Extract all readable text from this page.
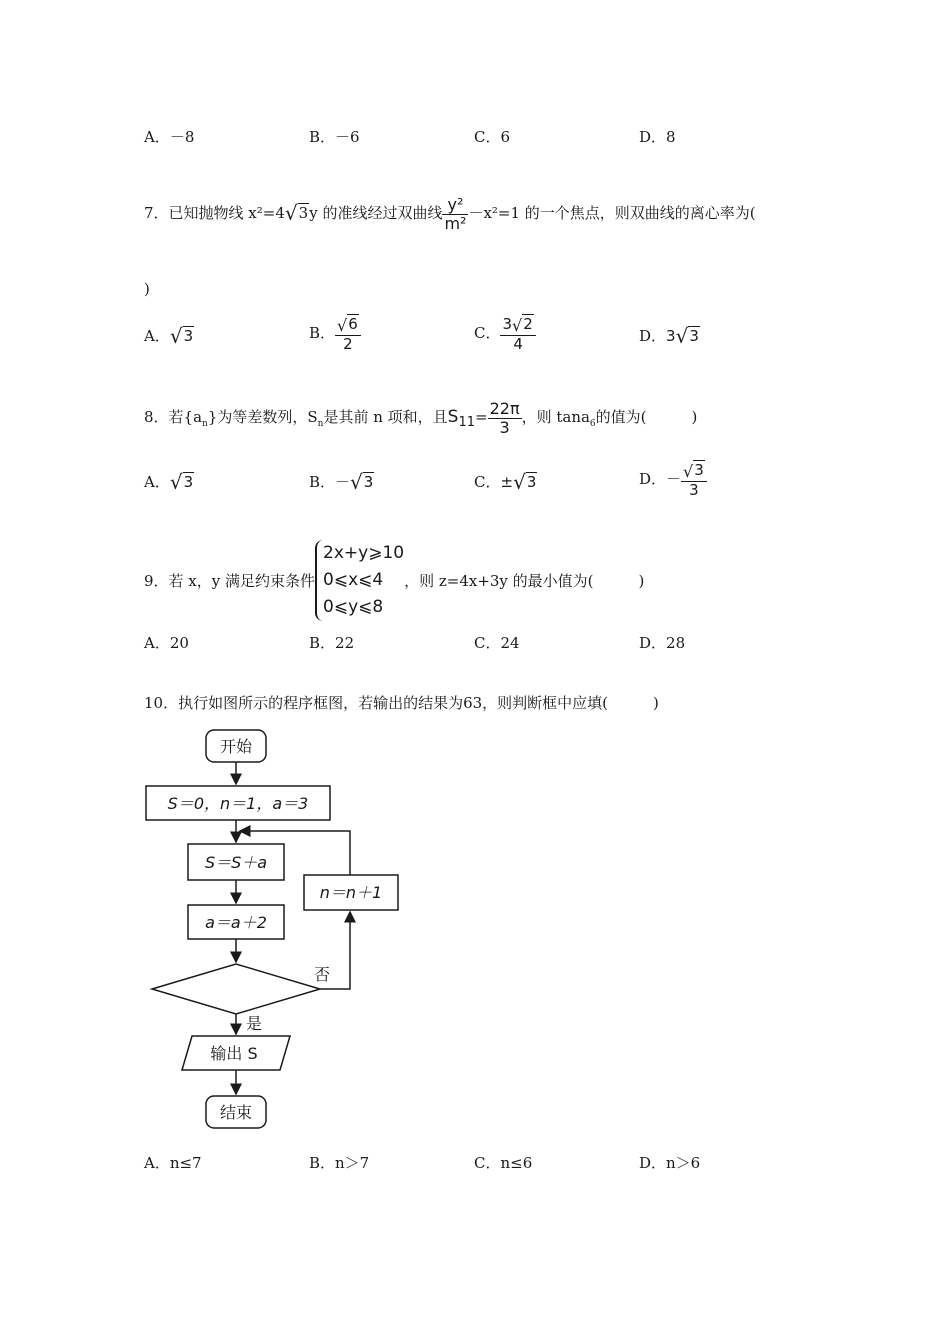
A．－8	B．－6	C．6	D．8
7．已知抛物线 x²=4√3y 的准线经过双曲线 $\frac{\text{y²}}{\text{m²}} -x^2=1$ 的一个焦点，则双曲线的离心率为(
)
A．√3	B． $\frac{√6}{2}$	C． $\frac{3√2}{4}$	D．3√3
8．若$\{a_n\}$为等差数列，$S_n$是其前 n 项和，且$S_{11}= \frac{22\pi}{3}$ ，则 tana$_6$的值为(　　　)
A．√3	B．－√3	C．±√3	D．－ $\frac{√3}{3}$
9．若 x，y 满足约束条件
2x+y⩾10
0⩽x⩽4
0⩽y⩽8
，则 z=4x+3y 的最小值为(　　　)
A．20	B．22	C．24	D．28
10．执行如图所示的程序框图，若输出的结果为63，则判断框中应填(　　　)
开始
S＝0，n＝1，a＝3
S＝S＋a
a＝a＋2
n＝n＋1
否
是
输出 S
结束
A．n≤7	B．n＞7	C．n≤6	D．n＞6
